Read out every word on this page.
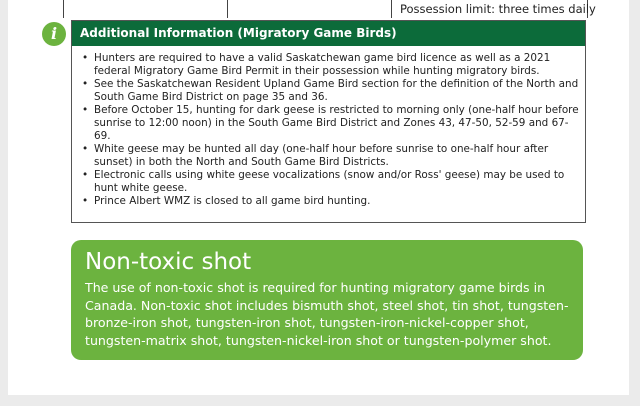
Possession limit: three times daily
i	Additional Information (Migratory Game Birds)
• Hunters are required to have a valid Saskatchewan game bird licence as well as a 2021 federal Migratory Game Bird Permit in their possession while hunting migratory birds.
• See the Saskatchewan Resident Upland Game Bird section for the definition of the North and South Game Bird District on page 35 and 36.
• Before October 15, hunting for dark geese is restricted to morning only (one-half hour before sunrise to 12:00 noon) in the South Game Bird District and Zones 43, 47-50, 52-59 and 67-69.
• White geese may be hunted all day (one-half hour before sunrise to one-half hour after sunset) in both the North and South Game Bird Districts.
• Electronic calls using white geese vocalizations (snow and/or Ross' geese) may be used to hunt white geese.
• Prince Albert WMZ is closed to all game bird hunting.
Non-toxic shot
The use of non-toxic shot is required for hunting migratory game birds in Canada. Non-toxic shot includes bismuth shot, steel shot, tin shot, tungsten-bronze-iron shot, tungsten-iron shot, tungsten-iron-nickel-copper shot, tungsten-matrix shot, tungsten-nickel-iron shot or tungsten-polymer shot.
